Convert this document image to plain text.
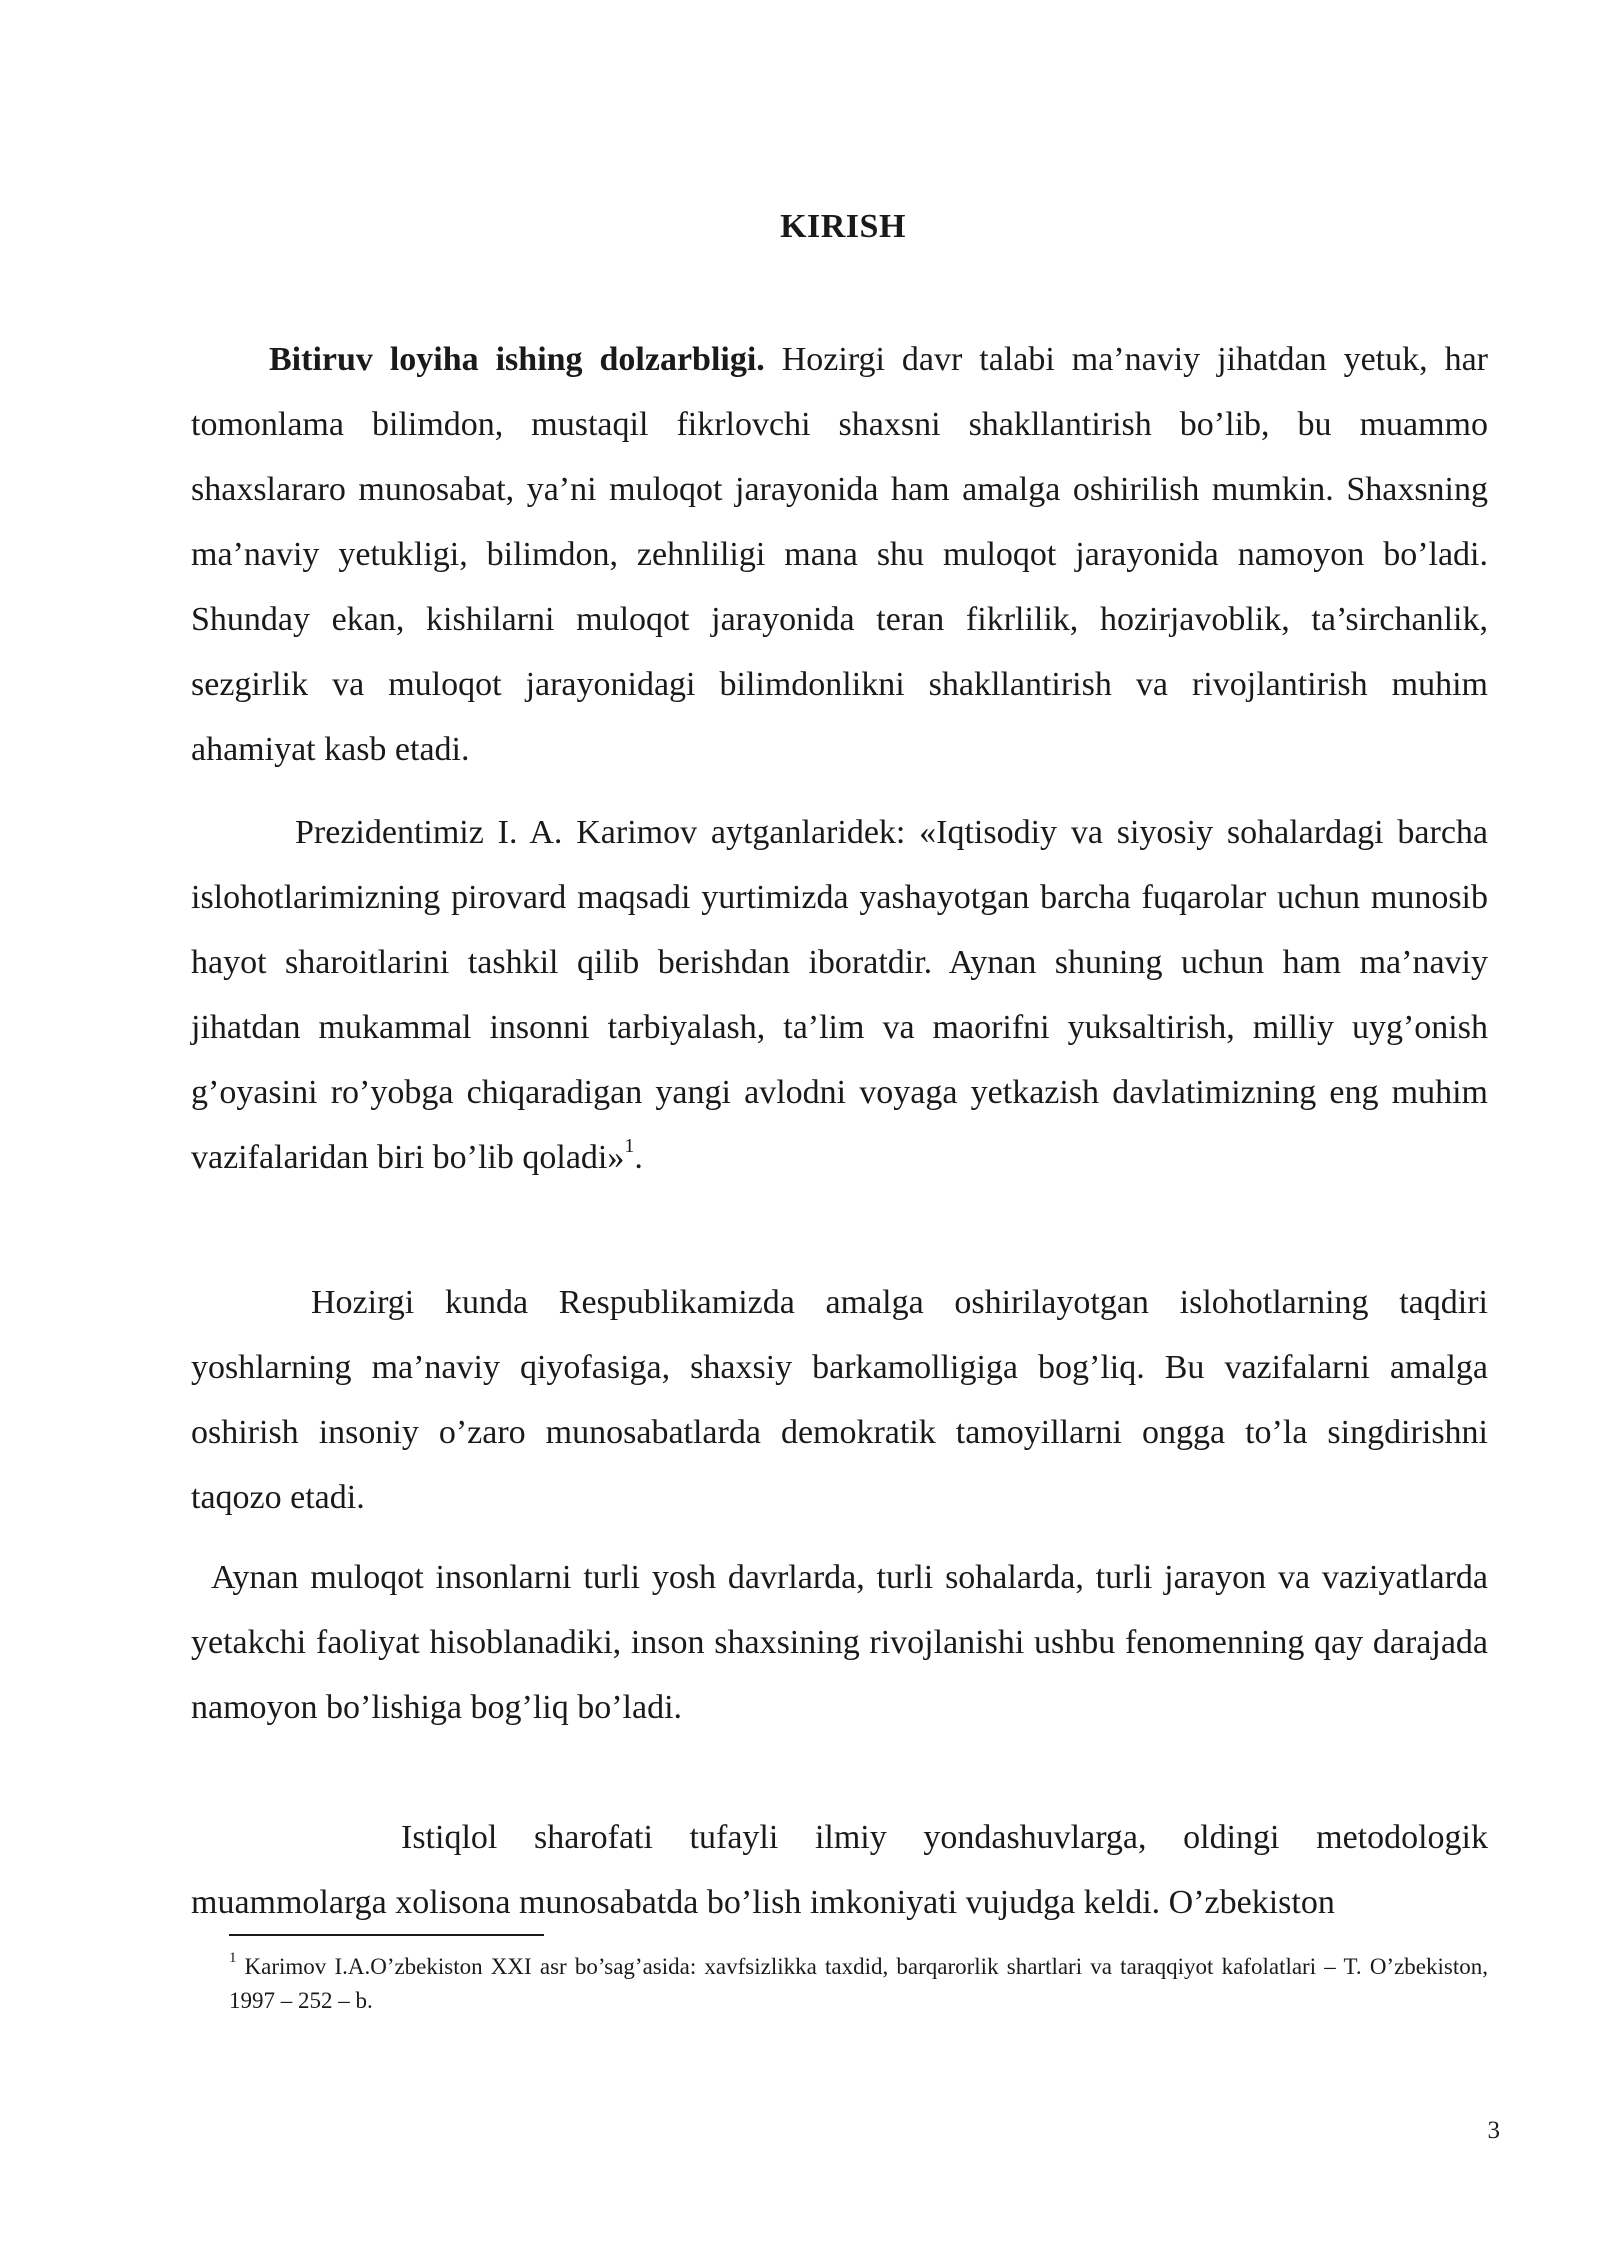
KIRISH

Bitiruv loyiha ishing dolzarbligi. Hozirgi davr talabi ma’naviy jihatdan yetuk, har tomonlama bilimdon, mustaqil fikrlovchi shaxsni shakllantirish bo’lib, bu muammo shaxslararo munosabat, ya’ni muloqot jarayonida ham amalga oshirilish mumkin. Shaxsning ma’naviy yetukligi, bilimdon, zehnliligi mana shu muloqot jarayonida namoyon bo’ladi. Shunday ekan, kishilarni muloqot jarayonida teran fikrlilik, hozirjavoblik, ta’sirchanlik, sezgirlik va muloqot jarayonidagi bilimdonlikni shakllantirish va rivojlantirish muhim ahamiyat kasb etadi.

Prezidentimiz I. A. Karimov aytganlaridek: «Iqtisodiy va siyosiy sohalardagi barcha islohotlarimizning pirovard maqsadi yurtimizda yashayotgan barcha fuqarolar uchun munosib hayot sharoitlarini tashkil qilib berishdan iboratdir. Aynan shuning uchun ham ma’naviy jihatdan mukammal insonni tarbiyalash, ta’lim va maorifni yuksaltirish, milliy uyg’onish g’oyasini ro’yobga chiqaradigan yangi avlodni voyaga yetkazish davlatimizning eng muhim vazifalaridan biri bo’lib qoladi»$^1$.

Hozirgi kunda Respublikamizda amalga oshirilayotgan islohotlarning taqdiri yoshlarning ma’naviy qiyofasiga, shaxsiy barkamolligiga bog’liq. Bu vazifalarni amalga oshirish insoniy o’zaro munosabatlarda demokratik tamoyillarni ongga to’la singdirishni taqozo etadi.

Aynan muloqot insonlarni turli yosh davrlarda, turli sohalarda, turli jarayon va vaziyatlarda yetakchi faoliyat hisoblanadiki, inson shaxsining rivojlanishi ushbu fenomenning qay darajada namoyon bo’lishiga bog’liq bo’ladi.

Istiqlol sharofati tufayli ilmiy yondashuvlarga, oldingi metodologik muammolarga xolisona munosabatda bo’lish imkoniyati vujudga keldi. O’zbekiston

$^1$ Karimov I.A.O’zbekiston XXI asr bo’sag’asida: xavfsizlikka taxdid, barqarorlik shartlari va taraqqiyot kafolatlari – T. O’zbekiston, 1997 – 252 – b.

3
